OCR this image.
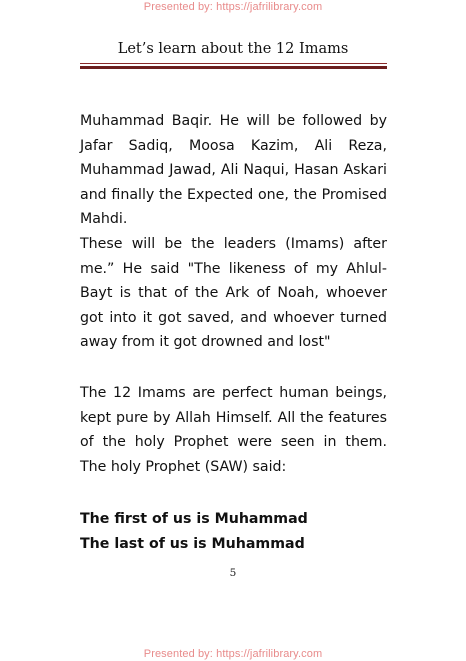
Presented by: https://jafrilibrary.com
Let’s learn about the 12 Imams

Muhammad Baqir. He will be followed by Jafar Sadiq, Moosa Kazim, Ali Reza, Muhammad Jawad, Ali Naqui, Hasan Askari and finally the Expected one, the Promised Mahdi.

These will be the leaders (Imams) after me.” He said "The likeness of my Ahlul-Bayt is that of the Ark of Noah, whoever got into it got saved, and whoever turned away from it got drowned and lost"

The 12 Imams are perfect human beings, kept pure by Allah Himself. All the features of the holy Prophet were seen in them. The holy Prophet (SAW) said:

The first of us is Muhammad

The last of us is Muhammad

5
Presented by: https://jafrilibrary.com
